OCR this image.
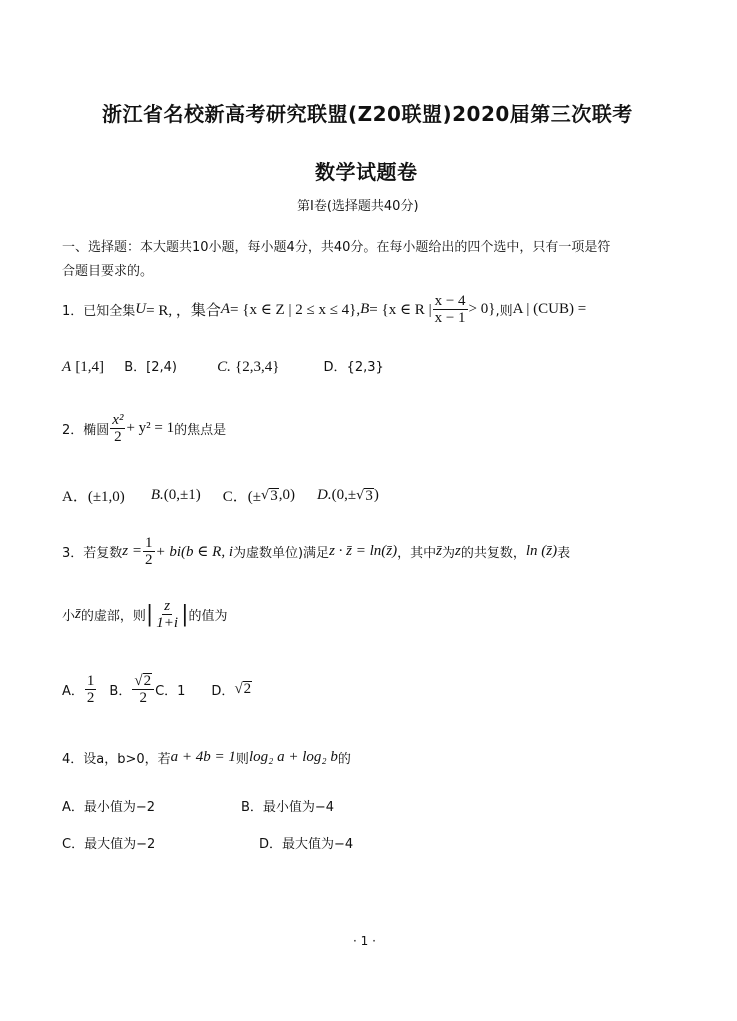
浙江省名校新高考研究联盟(Z20联盟)2020届第三次联考
数学试题卷
第Ⅰ卷(选择题共40分)
一、选择题：本大题共10小题，每小题4分，共40分。在每小题给出的四个选中，只有一项是符
合题目要求的。
1． 已知全集 U = R, ，集合 A = {x ∈ Z | 2 ≤ x ≤ 4}, B = {x ∈ R | $\frac{x - 4}{x - 1} > 0$} ,则 A | (C U B) =
A [1,4] B．[2,4)	C. {2,3,4}	D．{2,3}
2． 椭圆 $\frac{\text{x²}}{2} + y^2 = 1$ 的焦点是
A．(±1,0) B. (0,±1) C．(± √ 3 ,0) D. (0,± √ 3 )
3． 若复数 $z = \frac{1}{2} + bi(b$ ∈ R, i 为虚数单位)满足 z · z̄ = ln(z̄) ，其中 z̄ 为 z 的共复数， ln (z̄) 表
小 z̄ 的虚部，则 | $\frac{z}{1+i}$ | 的值为
A． $\frac{1}{2}$ B． $\frac{√2}{2}$ C．1 D． √2
4． 设a，b>0，若 a + 4b = 1 则 log₂ a + log₂ b 的
A．最小值为−2	B．最小值为−4
C．最大值为−2	D．最大值为−4
· 1 ·
